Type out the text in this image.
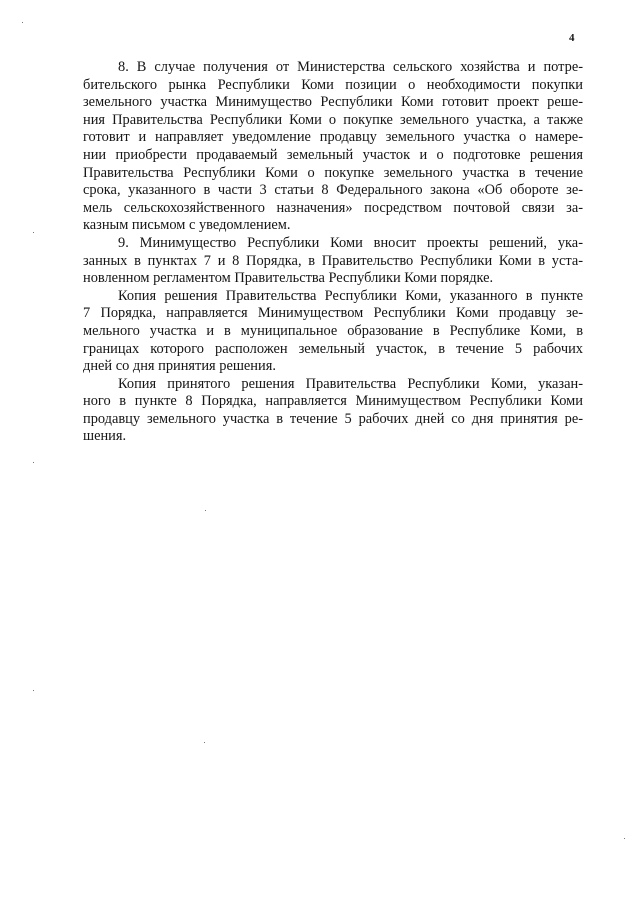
4
8. В случае получения от Министерства сельского хозяйства и потре-
бительского рынка Республики Коми позиции о необходимости покупки
земельного участка Минимущество Республики Коми готовит проект реше-
ния Правительства Республики Коми о покупке земельного участка, а также
готовит и направляет уведомление продавцу земельного участка о намере-
нии приобрести продаваемый земельный участок и о подготовке решения
Правительства Республики Коми о покупке земельного участка в течение
срока, указанного в части 3 статьи 8 Федерального закона «Об обороте зе-
мель сельскохозяйственного назначения» посредством почтовой связи за-
казным письмом с уведомлением.
9. Минимущество Республики Коми вносит проекты решений, ука-
занных в пунктах 7 и 8 Порядка, в Правительство Республики Коми в уста-
новленном регламентом Правительства Республики Коми порядке.
Копия решения Правительства Республики Коми, указанного в пункте
7 Порядка, направляется Минимуществом Республики Коми продавцу зе-
мельного участка и в муниципальное образование в Республике Коми, в
границах которого расположен земельный участок, в течение 5 рабочих
дней со дня принятия решения.
Копия принятого решения Правительства Республики Коми, указан-
ного в пункте 8 Порядка, направляется Минимуществом Республики Коми
продавцу земельного участка в течение 5 рабочих дней со дня принятия ре-
шения.
